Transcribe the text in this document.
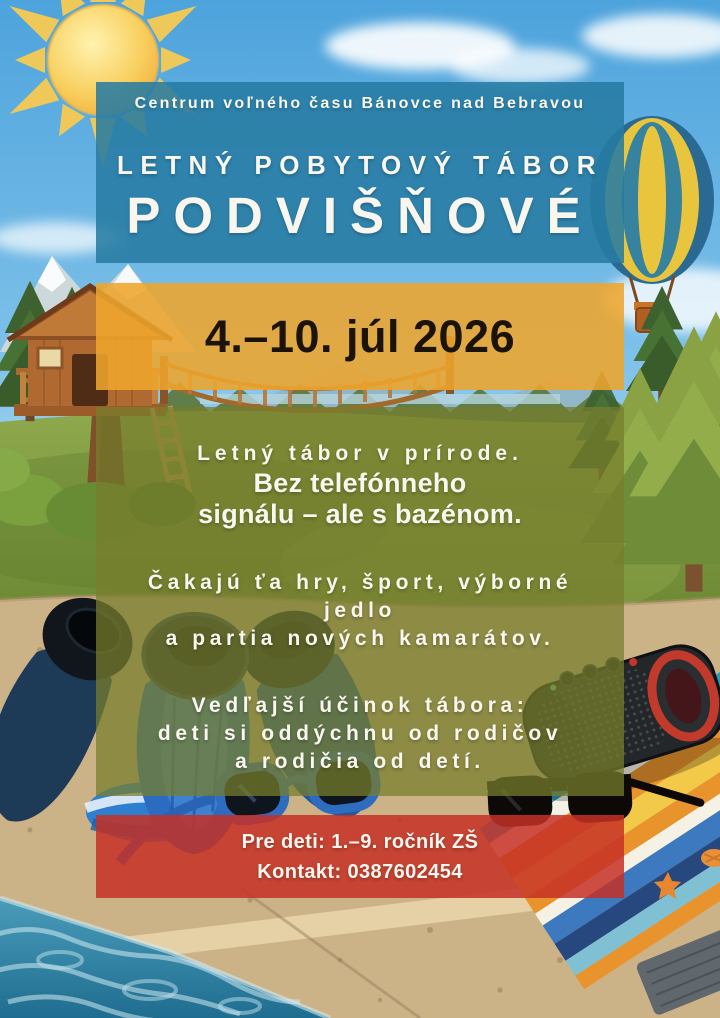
Centrum voľného času Bánovce nad Bebravou

LETNÝ POBYTOVÝ TÁBOR
PODVIŠŇOVÉ

4.–10. júl 2026

Letný tábor v prírode.

Bez telefónneho

signálu – ale s bazénom.

Čakajú ťa hry, šport, výborné

jedlo

a partia nových kamarátov.

Vedľajší účinok tábora:

deti si oddýchnu od rodičov

a rodičia od detí.

Pre deti: 1.–9. ročník ZŠ

Kontakt: 0387602454
